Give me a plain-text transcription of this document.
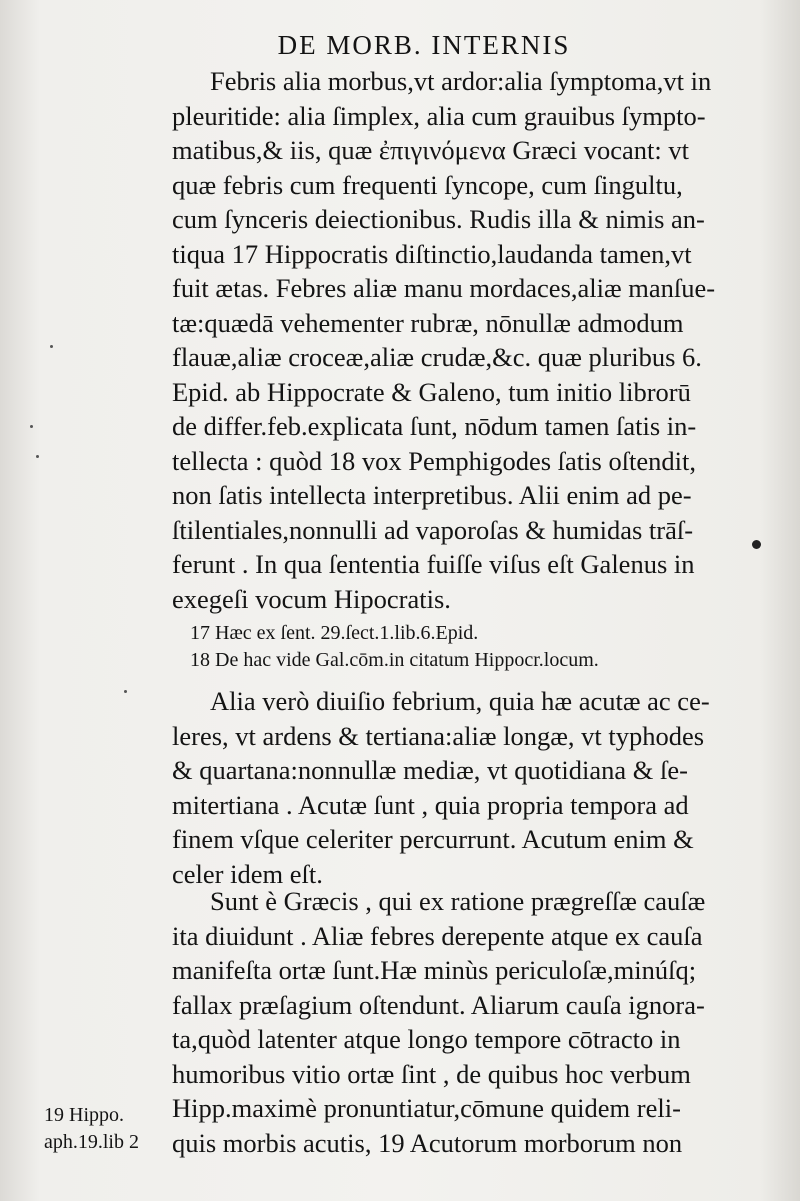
DE MORB. INTERNIS
Febris alia morbus,vt ardor:alia ſymptoma,vt in
pleuritide: alia ſimplex, alia cum grauibus ſympto-
matibus,& iis, quæ ἐπιγινόμενα Græci vocant: vt
quæ febris cum frequenti ſyncope, cum ſingultu,
cum ſynceris deiectionibus. Rudis illa & nimis an-
tiqua 17 Hippocratis diſtinctio,laudanda tamen,vt
fuit ætas. Febres aliæ manu mordaces,aliæ manſue-
tæ:quædā vehementer rubræ, nōnullæ admodum
flauæ,aliæ croceæ,aliæ crudæ,&c. quæ pluribus 6.
Epid. ab Hippocrate & Galeno, tum initio librorū
de differ.feb.explicata ſunt, nōdum tamen ſatis in-
tellecta : quòd 18 vox Pemphigodes ſatis oſtendit,
non ſatis intellecta interpretibus. Alii enim ad pe-
ſtilentiales,nonnulli ad vaporoſas & humidas trāſ-
ferunt . In qua ſententia fuiſſe viſus eſt Galenus in
exegeſi vocum Hipocratis.
17 Hæc ex ſent. 29.ſect.1.lib.6.Epid.
18 De hac vide Gal.cōm.in citatum Hippocr.locum.
Alia verò diuiſio febrium, quia hæ acutæ ac ce-
leres, vt ardens & tertiana:aliæ longæ, vt typhodes
& quartana:nonnullæ mediæ, vt quotidiana & ſe-
mitertiana . Acutæ ſunt , quia propria tempora ad
finem vſque celeriter percurrunt. Acutum enim &
celer idem eſt.
Sunt è Græcis , qui ex ratione prægreſſæ cauſæ
ita diuidunt . Aliæ febres derepente atque ex cauſa
manifeſta ortæ ſunt.Hæ minùs periculoſæ,minúſq;
fallax præſagium oſtendunt. Aliarum cauſa ignora-
ta,quòd latenter atque longo tempore cōtracto in
humoribus vitio ortæ ſint , de quibus hoc verbum
Hipp.maximè pronuntiatur,cōmune quidem reli-
quis morbis acutis, 19 Acutorum morborum non
19 Hippo.
aph.19.lib 2
